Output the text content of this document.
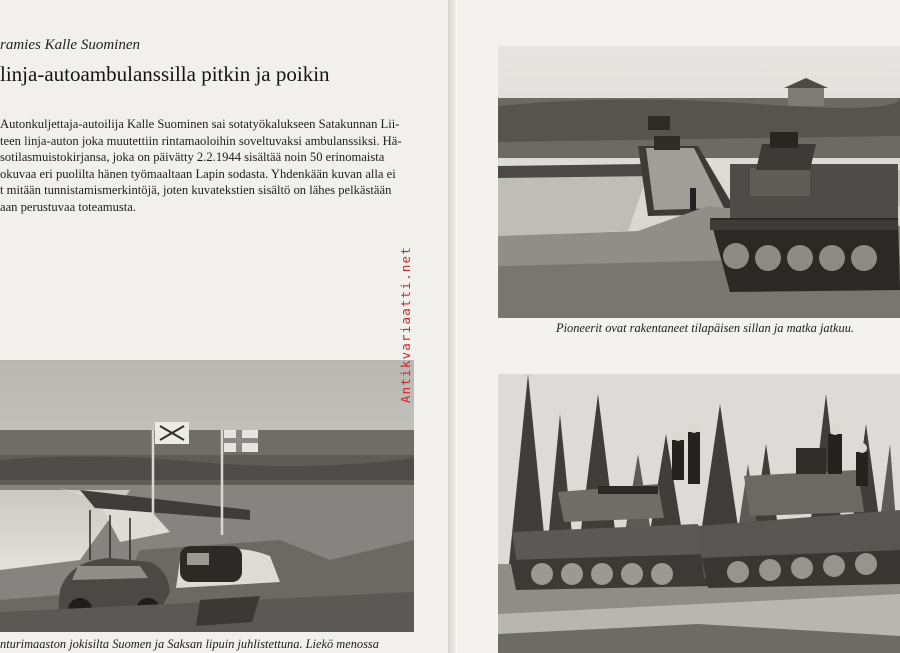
ramies Kalle Suominen
linja-autoambulanssilla pitkin ja poikin
Autonkuljettaja-autoilija Kalle Suominen sai sotatyökalukseen Satakunnan Lii-
teen linja-auton joka muutettiin rintamaoloihin soveltuvaksi ambulanssiksi. Hä-
sotilasmuistokirjansa, joka on päivätty 2.2.1944 sisältää noin 50 erinomaista
okuvaa eri puolilta hänen työmaaltaan Lapin sodasta. Yhdenkään kuvan alla ei
t mitään tunnistamismerkintöjä, joten kuvatekstien sisältö on lähes pelkästään
aan perustuvaa toteamusta.
nturimaaston jokisilta Suomen ja Saksan lipuin juhlistettuna. Liekö menossa
Antikvariaatti.net	Pioneerit ovat rakentaneet tilapäisen sillan ja matka jatkuu.
